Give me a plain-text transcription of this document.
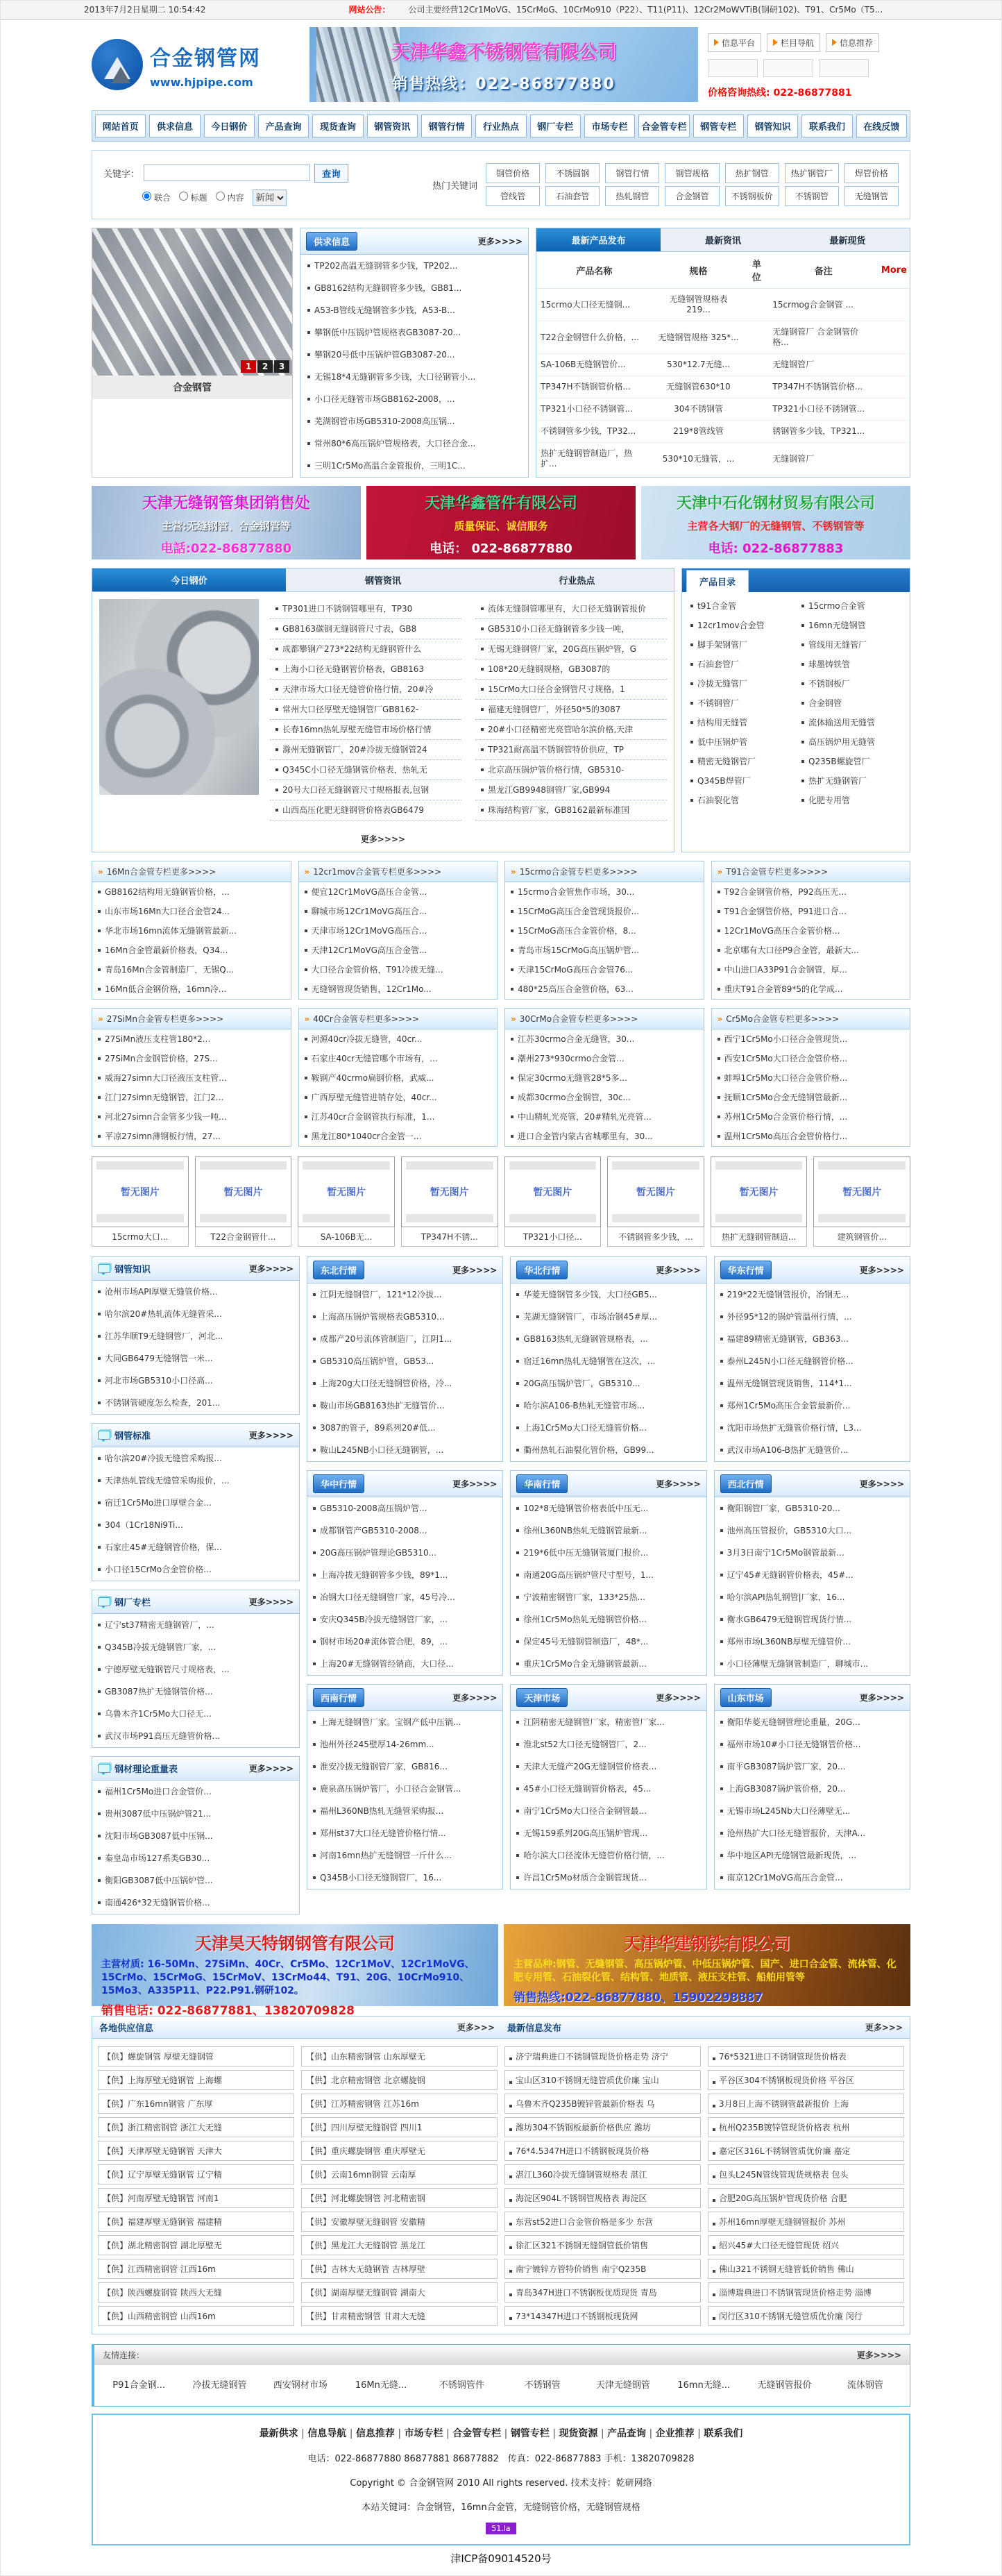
2013年7月2日星期二 10:54:42	网站公告： 公司主要经营12Cr1MoVG、15CrMoG、10CrMo910（P22）、T11(P11)、12Cr2MoWVTiB(钢研102)、T91、Cr5Mo（T5...
合金钢管网
www.hjpipe.com
天津华鑫不锈钢管有限公司
销售热线：022-86877880
信息平台	栏目导航	信息推荐
价格咨询热线: 022-86877881
网站首页	供求信息	今日钢价	产品查询	现货查询	钢管资讯	钢管行情	行业热点	钢厂专栏	市场专栏	合金管专栏	钢管专栏	钢管知识	联系我们	在线反馈
关键字：	查询
联合	标题	内容
新闻
热门关键词
钢管价格	不锈圆钢	钢管行情	钢管规格	热扩钢管	热扩钢管厂	焊管价格
管线管	石油套管	热轧钢管	合金钢管	不锈钢板价	不锈钢管	无缝钢管
1	2	3
合金钢管
供求信息	更多>>>>
TP202高温无缝钢管多少钱，TP202...
GB8162结构无缝钢管多少钱，GB81...
A53-B管线无缝钢管多少钱，A53-B...
攀钢低中压锅炉管规格表GB3087-20...
攀钢20号低中压锅炉管GB3087-20...
无锡18*4无缝钢管多少钱，大口径钢管小...
小口径无缝管市场GB8162-2008，...
芜湖钢管市场GB5310-2008高压锅...
常州80*6高压锅炉管规格表，大口径合金...
三明1Cr5Mo高温合金管报价，三明1C...
最新产品发布	最新资讯	最新现货
产品名称	规格	单位	备注	More
15crmo大口径无缝钢...	无缝钢管规格表 219...		15crmog合金钢管 ...	
T22合金钢管什么价格，...	无缝钢管规格 325*...		无缝钢管厂 合金钢管价格...	
SA-106B无缝钢管价...	530*12.7无缝...		无缝钢管厂	
TP347H不锈钢管价格...	无缝钢管630*10		TP347H不锈钢管价格...	
TP321小口径不锈钢管...	304不锈钢管		TP321小口径不锈钢管...	
不锈钢管多少钱，TP32...	219*8管线管		锈钢管多少钱，TP321...	
热扩无缝钢管制造厂，热扩...	530*10无缝管，...		无缝钢管厂	
天津无缝钢管集团销售处
主营:无缝钢管、合金钢管等
电話:022-86877880
天津华鑫管件有限公司
质量保证、诚信服务
电话： 022-86877880
天津中石化钢材贸易有限公司
主营各大钢厂的无缝钢管、不锈钢管等
电话: 022-86877883
今日钢价	钢管资讯	行业热点
TP301进口不锈钢管哪里有，TP30
GB8163碳钢无缝钢管尺寸表，GB8
成都攀钢产273*22结构无缝钢管什么
上海小口径无缝钢管价格表，GB8163
天津市场大口径无缝管价格行情，20#冷
常州大口径厚壁无缝钢管厂GB8162-
长春16mn热轧厚壁无缝管市场价格行情
滁州无缝钢管厂，20#冷拔无缝钢管24
Q345C小口径无缝钢管价格表，热轧无
20号大口径无缝钢管尺寸规格报表,包钢
山西高压化肥无缝钢管价格表GB6479
流体无缝钢管哪里有，大口径无缝钢管报价
GB5310小口径无缝钢管多少钱一吨，
无锡无缝钢管厂家，20G高压锅炉管，G
108*20无缝钢规格，GB3087的
15CrMo大口径合金钢管尺寸规格，1
福建无缝钢管厂，外径50*5的3087
20#小口径精密光亮管哈尔滨价格,天津
TP321耐高温不锈钢管特价供应，TP
北京高压锅炉管价格行情，GB5310-
黑龙江GB9948钢管厂家,GB994
珠海结构管厂家，GB8162最新标准国
更多>>>>
产品目录
t91合金管
12cr1mov合金管
脚手架钢管厂
石油套管厂
冷拔无缝管厂
不锈钢管厂
结构用无缝管
低中压锅炉管
精密无缝钢管厂
Q345B焊管厂
石油裂化管
15crmo合金管
16mn无缝钢管
管线用无缝管厂
球墨铸铁管
不锈钢板厂
合金钢管
流体输送用无缝管
高压锅炉用无缝管
Q235B螺旋管厂
热扩无缝钢管厂
化肥专用管
» 16Mn合金管专栏 更多>>>>
GB8162结构用无缝钢管价格，...
山东市场16Mn大口径合金管24...
华北市场16mn流体无缝钢管最新...
16Mn合金管最新价格表，Q34...
青岛16Mn合金管制造厂，无锡Q...
16Mn低合金钢价格，16mn冷...
» 12cr1mov合金管专栏 更多>>>>
便宜12Cr1MoVG高压合金管...
聊城市场12Cr1MoVG高压合...
天津市场12Cr1MoVG高压合...
天津12Cr1MoVG高压合金管...
大口径合金管价格，T91冷拔无缝...
无缝钢管现货销售，12Cr1Mo...
» 15crmo合金管专栏 更多>>>>
15crmo合金管焦作市场，30...
15CrMoG高压合金管现货报价...
15CrMoG高压合金管价格，8...
青岛市场15CrMoG高压锅炉管...
天津15CrMoG高压合金管76...
480*25高压合金管价格，63...
» T91合金管专栏 更多>>>>
T92合金钢管价格，P92高压无...
T91合金钢管价格，P91进口合...
12Cr1MoVG高压合金管价格...
北京哪有大口径P9合金管，最新大...
中山进口A33P91合金钢管，厚...
重庆T91合金管89*5的化学成...
» 27SiMn合金管专栏 更多>>>>
27SiMn液压支柱管180*2...
27SiMn合金钢管价格，27S...
威海27simn大口径液压支柱管...
江门27simn无缝钢管，江门2...
河北27simn合金管多少钱一吨...
平凉27simn薄钢板行情，27...
» 40Cr合金管专栏 更多>>>>
河源40cr冷拔无缝管，40cr...
石家庄40cr无缝管哪个市场有，...
鞍钢产40crmo扁钢价格，武威...
广西厚壁无缝管进销存处，40cr...
江苏40cr合金钢管执行标准，1...
黑龙江80*1040cr合金管一...
» 30CrMo合金管专栏 更多>>>>
江苏30crmo合金无缝管，30...
潮州273*930crmo合金管...
保定30crmo无缝管28*5多...
成都30crmo合金钢管，30c...
中山精轧光亮管，20#精轧光亮管...
进口合金管内蒙古省城哪里有，30...
» Cr5Mo合金管专栏 更多>>>>
西宁1Cr5Mo小口径合金管现货...
西安1Cr5Mo大口径合金管价格...
蚌埠1Cr5Mo大口径合金管价格...
抚顺1Cr5Mo合金无缝钢管最新...
苏州1Cr5Mo合金管价格行情，...
温州1Cr5Mo高压合金管价格行...
暂无图片
15crmo大口...
暂无图片
T22合金钢管什...
暂无图片
SA-106B无...
暂无图片
TP347H不锈...
暂无图片
TP321小口径...
暂无图片
不锈钢管多少钱，...
暂无图片
热扩无缝钢管制造...
暂无图片
建筑钢管价...
钢管知识	更多>>>>
沧州市场API厚壁无缝管价格...
哈尔滨20#热轧流体无缝管采...
江苏华顺T9无缝钢管厂，河北...
大同GB6479无缝钢管一米...
河北市场GB5310小口径高...
不锈钢管硬度怎么检查，201...
钢管标准	更多>>>>
哈尔滨20#冷拔无缝管采购报...
天津热轧管线无缝管采购报价，...
宿迁1Cr5Mo进口厚壁合金...
304（1Cr18Ni9Ti...
石家庄45#无缝钢管价格，保...
小口径15CrMo合金管价格...
钢厂专栏	更多>>>>
辽宁st37精密无缝钢管厂，...
Q345B冷拔无缝钢管厂家，...
宁德厚壁无缝钢管尺寸规格表，...
GB3087热扩无缝钢管价格...
乌鲁木齐1Cr5Mo大口径无...
武汉市场P91高压无缝管价格...
钢材理论重量表	更多>>>>
福州1Cr5Mo进口合金管价...
贵州3087低中压锅炉管21...
沈阳市场GB3087低中压锅...
秦皇岛市场127系类GB30...
衡阳GB3087低中压锅炉管...
南通426*32无缝钢管价格...
东北行情	更多>>>>
江阴无缝钢管厂，121*12冷拔...
上海高压锅炉管规格表GB5310...
成都产20号流体管制造厂，江阴1...
GB5310高压锅炉管，GB53...
上海20g大口径无缝钢管价格，冷...
鞍山市场GB8163热扩无缝管价...
3087的管子，89系列20#低...
鞍山L245NB小口径无缝钢管，...
华中行情	更多>>>>
GB5310-2008高压锅炉管...
成都钢管产GB5310-2008...
20G高压锅炉管理论GB5310...
上海冷拔无缝钢管多少钱，89*1...
冶钢大口径无缝钢管厂家，45号冷...
安庆Q345B冷拔无缝钢管厂家，...
钢材市场20#流体管合肥，89，...
上海20#无缝钢管经销商，大口径...
西南行情	更多>>>>
上海无缝钢管厂家。宝钢产低中压锅...
池州外径245壁厚14-26mm...
淮安冷拔无缝钢管厂家，GB816...
鹿泉高压锅炉管厂，小口径合金钢管...
福州L360NB热轧无缝管采购报...
郑州st37大口径无缝管价格行情...
河南16mn热扩无缝钢管一斤什么...
Q345B小口径无缝钢管厂，16...
华北行情	更多>>>>
华菱无缝钢管多少钱，大口径GB5...
芜湖无缝钢管厂，市场冶钢45#厚...
GB8163热轧无缝钢管规格表，...
宿迁16mn热轧无缝钢管在这次，...
20G高压锅炉管厂，GB5310...
哈尔滨A106-B热轧无缝管市场...
上海1Cr5Mo大口径无缝管价格...
衢州热轧石油裂化管价格，GB99...
华南行情	更多>>>>
102*8无缝钢管价格表低中压无...
徐州L360NB热轧无缝钢管最新...
219*6低中压无缝钢管厦门报价...
南通20G高压锅炉管尺寸型号，1...
宁波精密钢管厂家，133*25热...
徐州1Cr5Mo热轧无缝钢管价格...
保定45号无缝钢管制造厂，48*...
重庆1Cr5Mo合金无缝钢管最新...
天津市场	更多>>>>
江阴精密无缝钢管厂家，精密管厂家...
淮北st52大口径无缝钢管厂，2...
天津大无缝产20G无缝钢管价格表...
45#小口径无缝钢管价格表，45...
南宁1Cr5Mo大口径合金钢管最...
无锡159系列20G高压锅炉管现...
哈尔滨大口径流体无缝管价格行情，...
许昌1Cr5Mo材质合金钢管现货...
华东行情	更多>>>>
219*22无缝钢管报价，冶钢无...
外径95*12的锅炉管温州行情，...
福建89精密无缝钢管，GB363...
泰州L245N小口径无缝钢管价格...
温州无缝钢管现货销售，114*1...
郑州1Cr5Mo高压合金管最新价...
沈阳市场热扩无缝管价格行情，L3...
武汉市场A106-B热扩无缝管价...
西北行情	更多>>>>
衡阳钢管厂家，GB5310-20...
池州高压管报价，GB5310大口...
3月3日南宁1Cr5Mo钢管最新...
辽宁45#无缝钢管价格表，45#...
哈尔滨API热轧钢管|厂家，16...
衡水GB6479无缝钢管现货行情...
郑州市场L360NB厚壁无缝管价...
小口径薄壁无缝钢管制造厂，聊城市...
山东市场	更多>>>>
衡阳华菱无缝钢管理论重量，20G...
福州市场10#小口径无缝钢管价格...
南平GB3087锅炉管厂家，20...
上海GB3087锅炉管价格，20...
无锡市场L245Nb大口径薄壁无...
沧州热扩大口径无缝管报价，天津A...
华中地区API无缝钢管最新现货，...
南京12Cr1MoVG高压合金管...
天津昊天特钢钢管有限公司
主营材质: 16-50Mn、27SiMn、40Cr、Cr5Mo、12Cr1MoV、12Cr1MoVG、15CrMo、15CrMoG、15CrMoV、13CrMo44、T91、20G、10CrMo910、15Mo3、A335P11、P22.P91.钢研102。
销售电话: 022-86877881、13820709828
天津华建钢铁有限公司
主营品种:钢管、无缝钢管、高压锅炉管、中低压锅炉管、国产、进口合金管、流体管、化肥专用管、石油裂化管、结构管、地质管、液压支柱管、船舶用管等
销售热线:022-86877880、15902298887
各地供应信息	更多>>> 最新信息发布	更多>>>
【供】螺旋钢管 厚壁无缝钢管
【供】上海厚壁无缝钢管 上海螺
【供】广东16mn钢管 广东厚
【供】浙江精密钢管 浙江大无缝
【供】天津厚壁无缝钢管 天津大
【供】辽宁厚壁无缝钢管 辽宁精
【供】河南厚壁无缝钢管 河南1
【供】福建厚壁无缝钢管 福建精
【供】湖北精密钢管 湖北厚壁无
【供】江西精密钢管 江西16m
【供】陕西螺旋钢管 陕西大无缝
【供】山西精密钢管 山西16m
【供】山东精密钢管 山东厚壁无
【供】北京精密钢管 北京螺旋钢
【供】江苏精密钢管 江苏16m
【供】四川厚壁无缝钢管 四川1
【供】重庆螺旋钢管 重庆厚壁无
【供】云南16mn钢管 云南厚
【供】河北螺旋钢管 河北精密钢
【供】安徽厚壁无缝钢管 安徽精
【供】黑龙江大无缝钢管 黑龙江
【供】吉林大无缝钢管 吉林厚壁
【供】湖南厚壁无缝钢管 湖南大
【供】甘肃精密钢管 甘肃大无缝
济宁瑞典进口不锈钢管现货价格走势 济宁
宝山区310不锈钢无缝管质优价廉 宝山
乌鲁木齐Q235B镀锌管最新价格表 乌
潍坊304不锈钢板最新价格供应 潍坊
76*4.5347H进口不锈钢板现货价格
湛江L360冷拔无缝钢管规格表 湛江
海淀区904L不锈钢管规格表 海淀区
东营st52进口合金管价格是多少 东营
徐汇区321不锈钢无缝钢管低价销售
南宁镀锌方管特价销售 南宁Q235B
青岛347H进口不锈钢板优质现货 青岛
73*14347H进口不锈钢板现货网
76*5321进口不锈钢管现货价格表
平谷区304不锈钢板现货价格 平谷区
3月8日上海不锈钢管最新报价 上海
杭州Q235B镀锌管现货价格表 杭州
嘉定区316L不锈钢管质优价廉 嘉定
包头L245N管线管现货规格表 包头
合肥20G高压锅炉管现货价格 合肥
苏州16mn厚壁无缝钢管报价 苏州
绍兴45#大口径无缝管现货 绍兴
佛山321不锈钢无缝管低价销售 佛山
淄博瑞典进口不锈钢管现货价格走势 淄博
闵行区310不锈钢无缝管质优价廉 闵行
友情连接：	更多>>>>
P91合金钢...	冷拔无缝钢管	西安钢材市场	16Mn无缝...	不锈钢管件	不锈钢管	天津无缝钢管	16mn无缝...	无缝钢管报价	流体钢管
最新供求 | 信息导航 | 信息推荐 | 市场专栏 | 合金管专栏 | 钢管专栏 | 现货资源 | 产品查询 | 企业推荐 | 联系我们
电话：022-86877880 86877881 86877882　传真：022-86877883 手机：13820709828
Copyright © 合金钢管网 2010 All rights reserved. 技术支持：乾研网络
本站关键词：合金钢管，16mn合金管，无缝钢管价格，无缝钢管规格
51.la
津ICP备09014520号
